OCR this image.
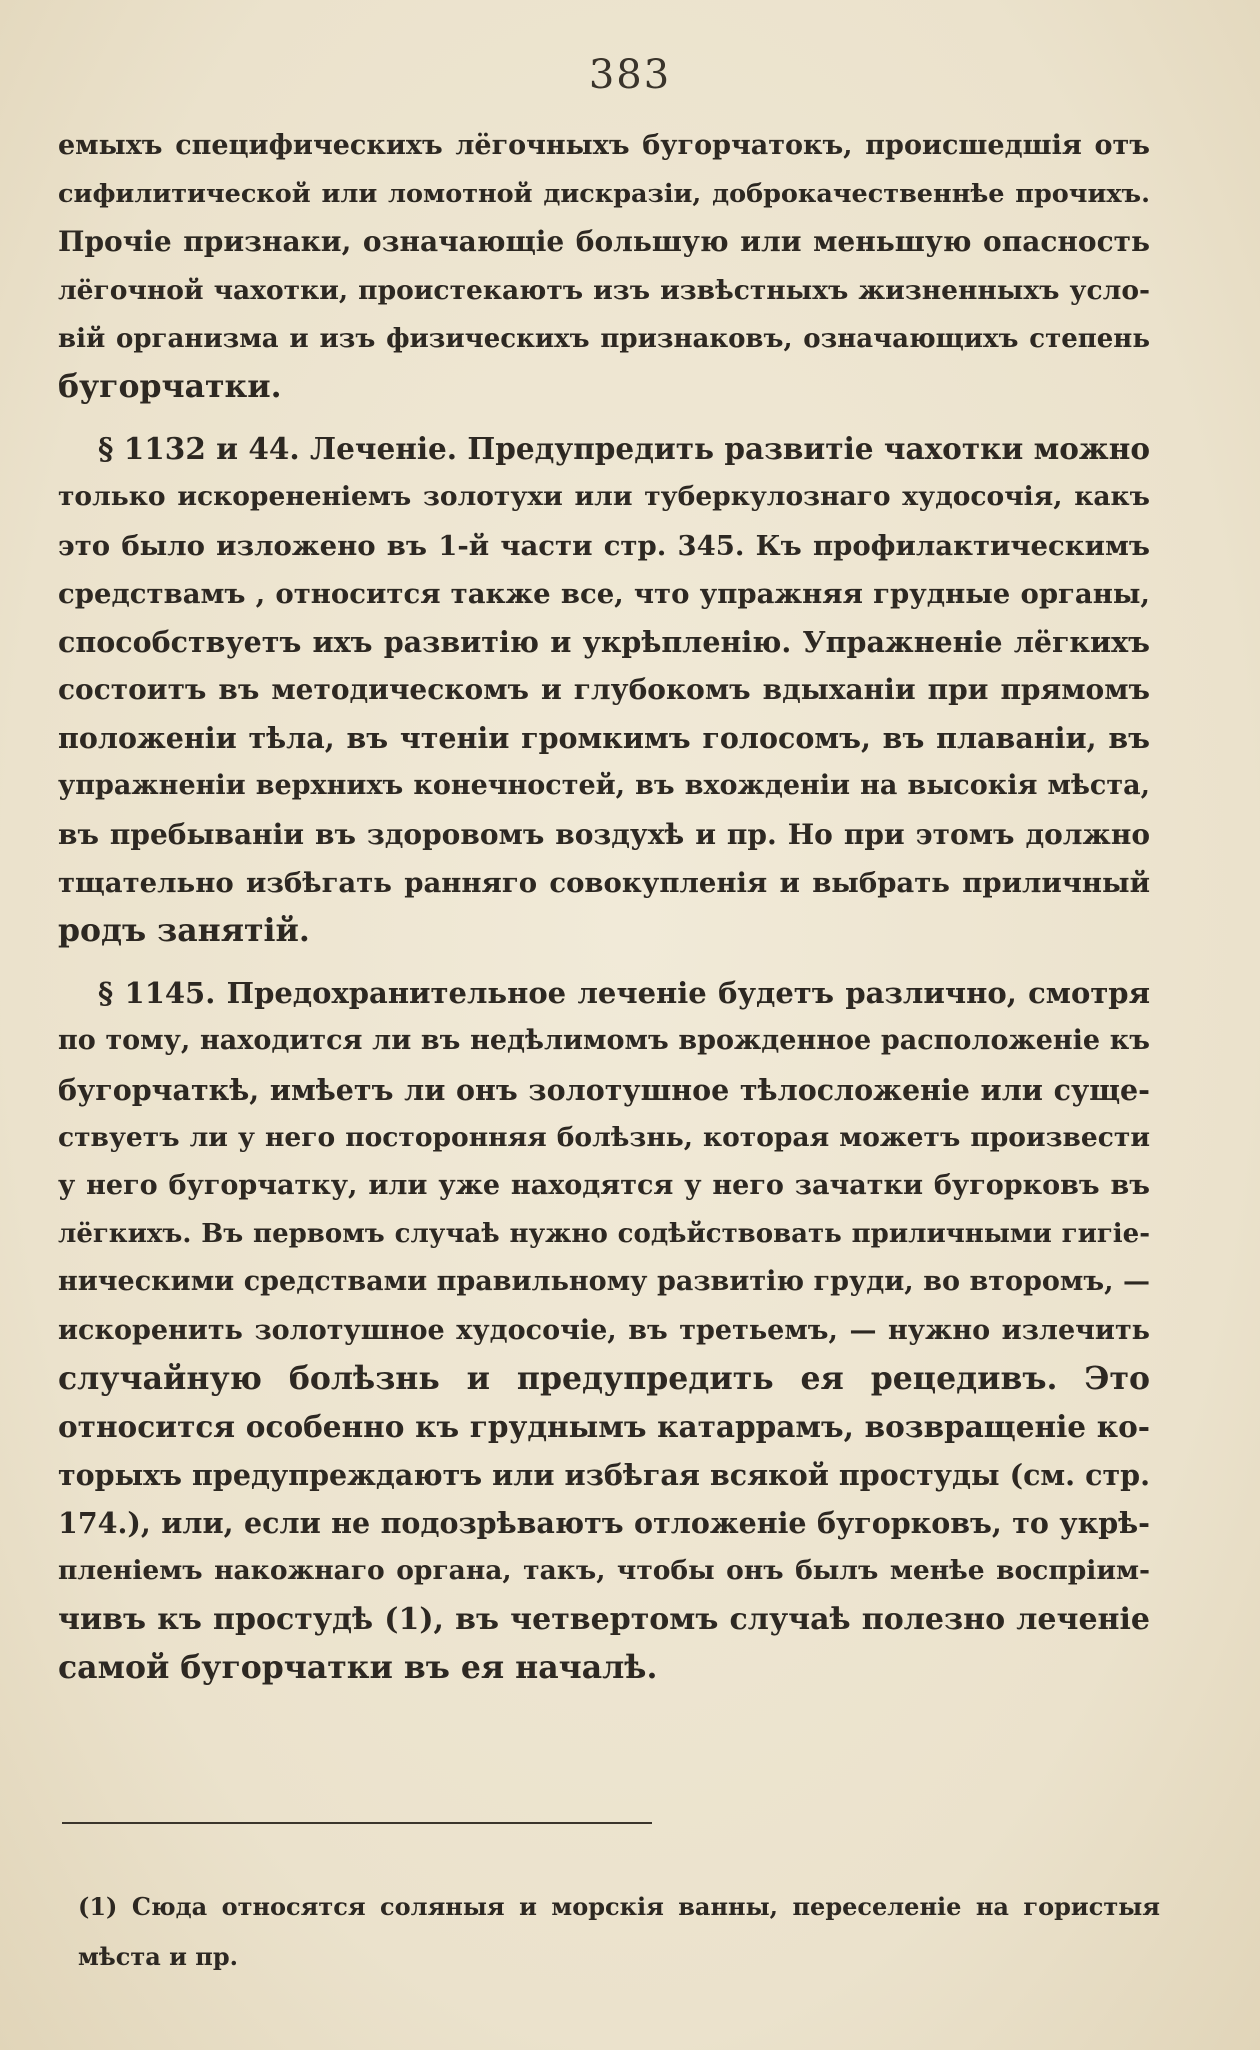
383
емыхъ специфическихъ лёгочныхъ бугорчатокъ, происшедшія отъ
сифилитической или ломотной дискразіи, доброкачественнѣе прочихъ.
Прочіе признаки, означающіе большую или меньшую опасность
лёгочной чахотки, проистекаютъ изъ извѣстныхъ жизненныхъ усло-
вій организма и изъ физическихъ признаковъ, означающихъ степень
бугорчатки.
§ 1132 и 44. Леченіе. Предупредить развитіе чахотки можно
только искорененіемъ золотухи или туберкулознаго худосочія, какъ
это было изложено въ 1-й части стр. 345. Къ профилактическимъ
средствамъ , относится также все, что упражняя грудные органы,
способствуетъ ихъ развитію и укрѣпленію. Упражненіе лёгкихъ
состоитъ въ методическомъ и глубокомъ вдыханіи при прямомъ
положеніи тѣла, въ чтеніи громкимъ голосомъ, въ плаваніи, въ
упражненіи верхнихъ конечностей, въ вхожденіи на высокія мѣста,
въ пребываніи въ здоровомъ воздухѣ и пр. Но при этомъ должно
тщательно избѣгать ранняго совокупленія и выбрать приличный
родъ занятій.
§ 1145. Предохранительное леченіе будетъ различно, смотря
по тому, находится ли въ недѣлимомъ врожденное расположеніе къ
бугорчаткѣ, имѣетъ ли онъ золотушное тѣлосложеніе или суще-
ствуетъ ли у него посторонняя болѣзнь, которая можетъ произвести
у него бугорчатку, или уже находятся у него зачатки бугорковъ въ
лёгкихъ. Въ первомъ случаѣ нужно содѣйствовать приличными гигіе-
ническими средствами правильному развитію груди, во второмъ, —
искоренить золотушное худосочіе, въ третьемъ, — нужно излечить
случайную болѣзнь и предупредить ея рецедивъ. Это
относится особенно къ груднымъ катаррамъ, возвращеніе ко-
торыхъ предупреждаютъ или избѣгая всякой простуды (см. стр.
174.), или, если не подозрѣваютъ отложеніе бугорковъ, то укрѣ-
пленіемъ накожнаго органа, такъ, чтобы онъ былъ менѣе воспріим-
чивъ къ простудѣ (1), въ четвертомъ случаѣ полезно леченіе
самой бугорчатки въ ея началѣ.
(1) Сюда относятся соляныя и морскія ванны, переселеніе на гористыя
мѣста и пр.
